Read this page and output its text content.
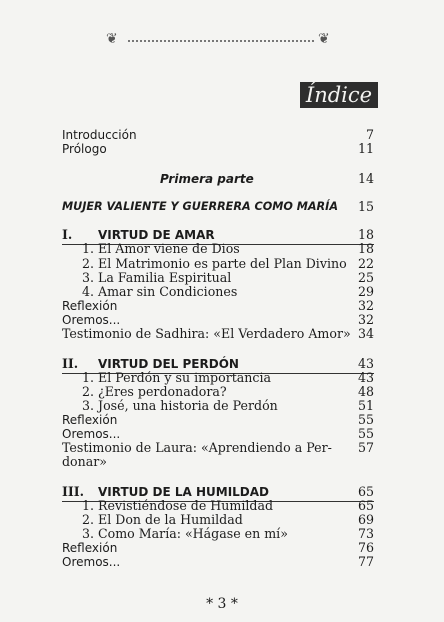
❦	❦
Índice
Introducción	7
Prólogo	11
Primera parte	14
MUJER VALIENTE Y GUERRERA COMO MARÍA 15
I. VIRTUD DE AMAR	18
1. El Amor viene de Dios	18
2. El Matrimonio es parte del Plan Divino 22
3. La Familia Espiritual	25
4. Amar sin Condiciones	29
Reflexión	32
Oremos...	32
Testimonio de Sadhira: «El Verdadero Amor» 34
II. VIRTUD DEL PERDÓN	43
1. El Perdón y su importancia	43
2. ¿Eres perdonadora?	48
3. José, una historia de Perdón	51
Reflexión	55
Oremos...	55
Testimonio de Laura: «Aprendiendo a Per- 57
donar»
III. VIRTUD DE LA HUMILDAD	65
1. Revistiéndose de Humildad	65
2. El Don de la Humildad	69
3. Como María: «Hágase en mí»	73
Reflexión	76
Oremos...	77
* 3 *
